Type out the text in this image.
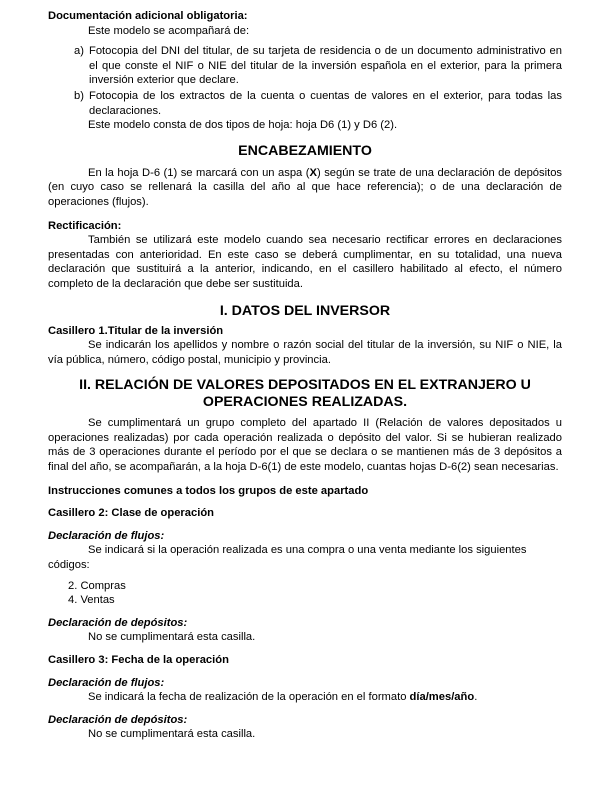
Documentación adicional obligatoria:

Este modelo se acompañará de:

a) Fotocopia del DNI del titular, de su tarjeta de residencia o de un documento administrativo en el que conste el NIF o NIE del titular de la inversión española en el exterior, para la primera inversión exterior que declare.
b) Fotocopia de los extractos de la cuenta o cuentas de valores en el exterior, para todas las declaraciones.

Este modelo consta de dos tipos de hoja: hoja D6 (1) y D6 (2).

ENCABEZAMIENTO

En la hoja D-6 (1) se marcará con un aspa (X) según se trate de una declaración de depósitos (en cuyo caso se rellenará la casilla del año al que hace referencia); o de una declaración de operaciones (flujos).

Rectificación:

También se utilizará este modelo cuando sea necesario rectificar errores en declaraciones presentadas con anterioridad. En este caso se deberá cumplimentar, en su totalidad, una nueva declaración que sustituirá a la anterior, indicando, en el casillero habilitado al efecto, el número completo de la declaración que debe ser sustituida.

I. DATOS DEL INVERSOR

Casillero 1.Titular de la inversión

Se indicarán los apellidos y nombre o razón social del titular de la inversión, su NIF o NIE, la vía pública, número, código postal, municipio y provincia.

II. RELACIÓN DE VALORES DEPOSITADOS EN EL EXTRANJERO U

OPERACIONES REALIZADAS.

Se cumplimentará un grupo completo del apartado II (Relación de valores depositados u operaciones realizadas) por cada operación realizada o depósito del valor. Si se hubieran realizado más de 3 operaciones durante el período por el que se declara o se mantienen más de 3 depósitos a final del año, se acompañarán, a la hoja D-6(1) de este modelo, cuantas hojas D-6(2) sean necesarias.

Instrucciones comunes a todos los grupos de este apartado

Casillero 2: Clase de operación

Declaración de flujos:

Se indicará si la operación realizada es una compra o una venta mediante los siguientes códigos:

2. Compras

4. Ventas

Declaración de depósitos:

No se cumplimentará esta casilla.

Casillero 3: Fecha de la operación

Declaración de flujos:

Se indicará la fecha de realización de la operación en el formato día/mes/año.

Declaración de depósitos:

No se cumplimentará esta casilla.
